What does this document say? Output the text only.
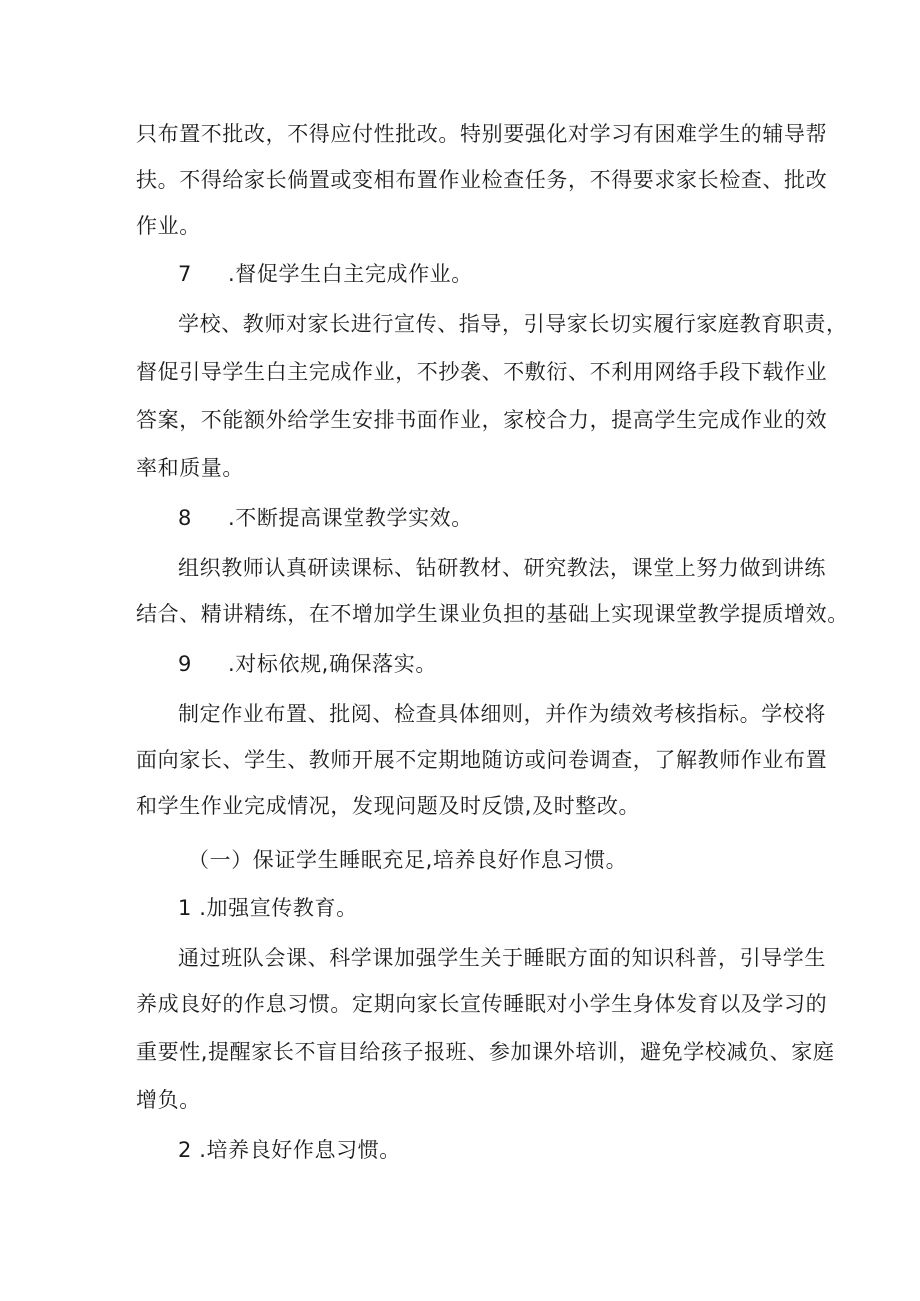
只布置不批改，不得应付性批改。特别要强化对学习有困难学生的辅导帮
扶。不得给家长倘置或变相布置作业检查任务，不得要求家长检查、批改
作业。
7 .督促学生白主完成作业。
学校、教师对家长进行宣传、指导，引导家长切实履行家庭教育职责，
督促引导学生白主完成作业，不抄袭、不敷衍、不利用网络手段下载作业
答案，不能额外给学生安排书面作业，家校合力，提高学生完成作业的效
率和质量。
8 .不断提高课堂教学实效。
组织教师认真研读课标、钻研教材、研究教法，课堂上努力做到讲练
结合、精讲精练，在不增加学生课业负担的基础上实现课堂教学提质增效。
9 .对标依规,确保落实。
制定作业布置、批阅、检查具体细则，并作为绩效考核指标。学校将
面向家长、学生、教师开展不定期地随访或问卷调查，了解教师作业布置
和学生作业完成情况，发现问题及时反馈,及时整改。
（一）保证学生睡眠充足,培养良好作息习惯。
1 .加强宣传教育。
通过班队会课、科学课加强学生关于睡眠方面的知识科普，引导学生
养成良好的作息习惯。定期向家长宣传睡眠对小学生身体发育以及学习的
重要性,提醒家长不盲目给孩子报班、参加课外培训，避免学校减负、家庭
增负。
2 .培养良好作息习惯。
